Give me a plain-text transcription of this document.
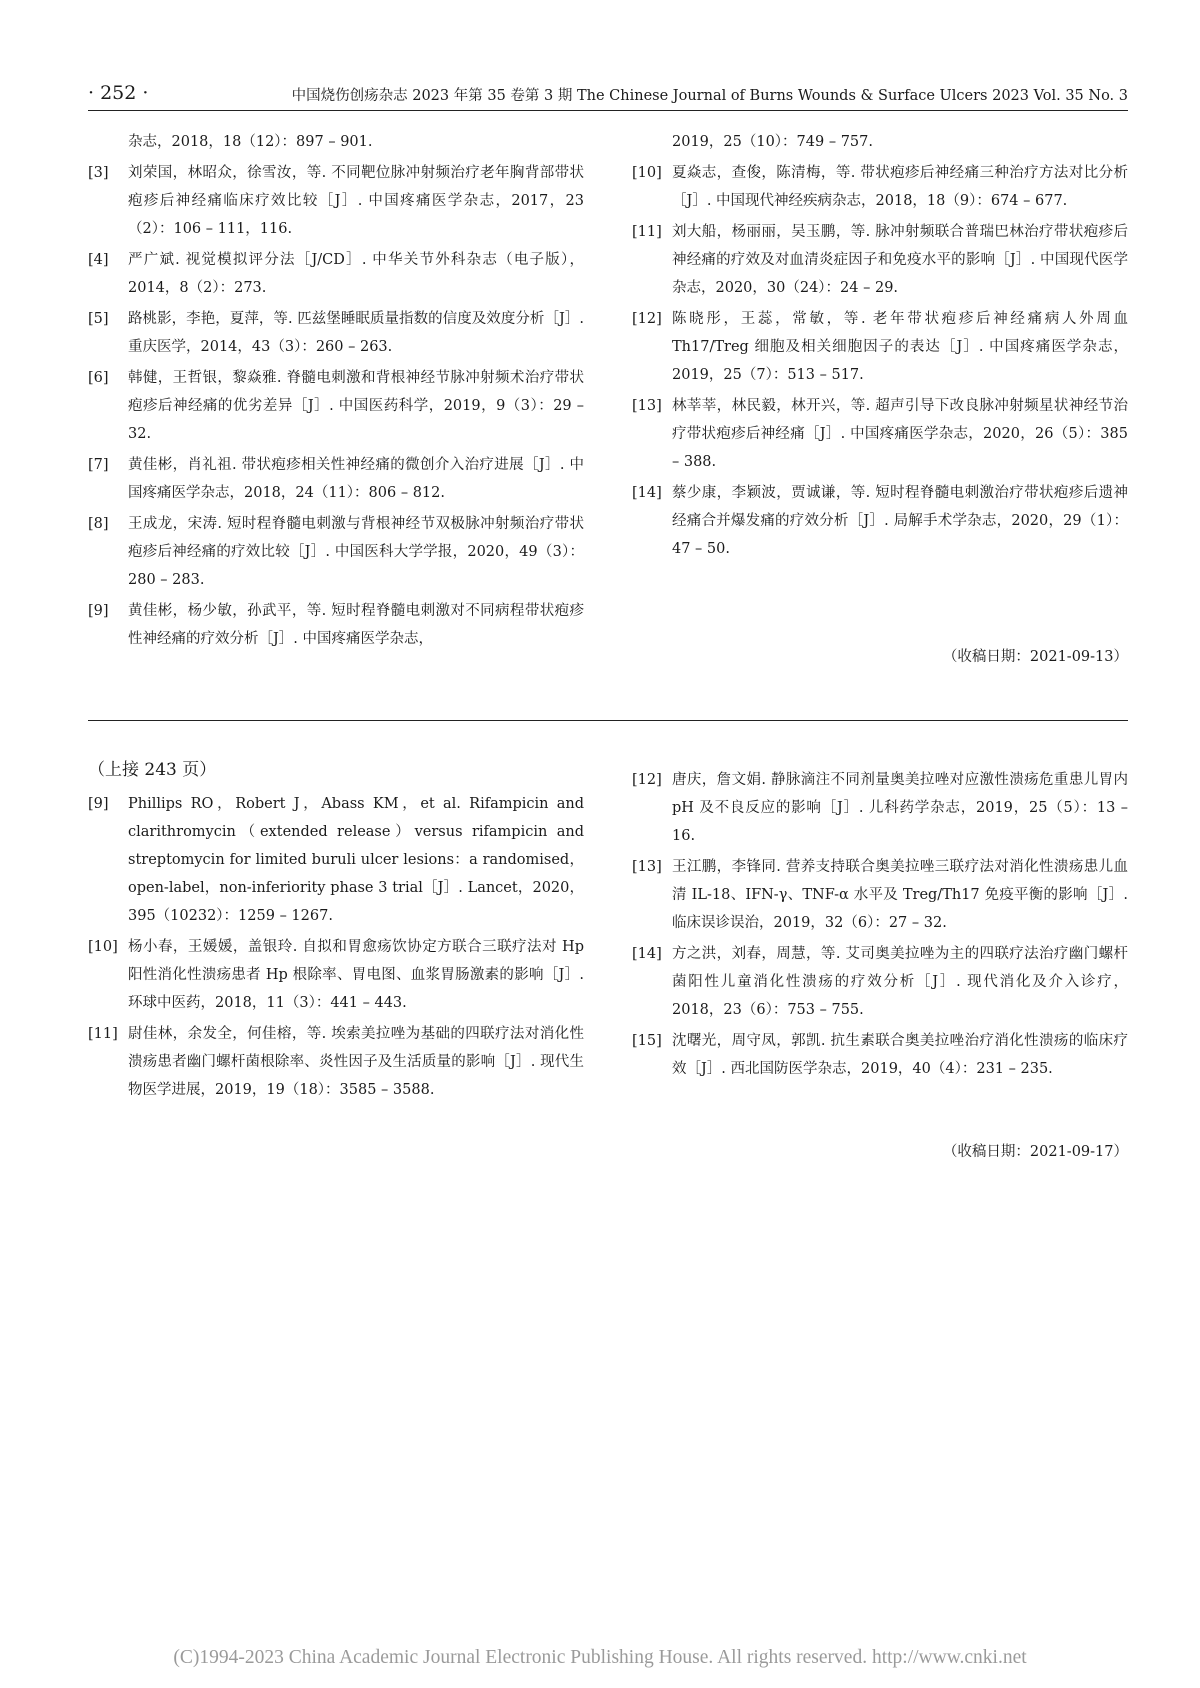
· 252 ·	中国烧伤创疡杂志 2023 年第 35 卷第 3 期 The Chinese Journal of Burns Wounds & Surface Ulcers 2023 Vol. 35 No. 3
杂志，2018，18（12）：897 – 901.
[3] 刘荣国，林昭众，徐雪汝，等. 不同靶位脉冲射频治疗老年胸背部带状疱疹后神经痛临床疗效比较［J］. 中国疼痛医学杂志，2017，23（2）：106 – 111，116.
[4] 严广斌. 视觉模拟评分法［J/CD］. 中华关节外科杂志（电子版），2014，8（2）：273.
[5] 路桃影，李艳，夏萍，等. 匹兹堡睡眠质量指数的信度及效度分析［J］. 重庆医学，2014，43（3）：260 – 263.
[6] 韩健，王哲银，黎焱雅. 脊髓电刺激和背根神经节脉冲射频术治疗带状疱疹后神经痛的优劣差异［J］. 中国医药科学，2019，9（3）：29 – 32.
[7] 黄佳彬，肖礼祖. 带状疱疹相关性神经痛的微创介入治疗进展［J］. 中国疼痛医学杂志，2018，24（11）：806 – 812.
[8] 王成龙，宋涛. 短时程脊髓电刺激与背根神经节双极脉冲射频治疗带状疱疹后神经痛的疗效比较［J］. 中国医科大学学报，2020，49（3）：280 – 283.
[9] 黄佳彬，杨少敏，孙武平，等. 短时程脊髓电刺激对不同病程带状疱疹性神经痛的疗效分析［J］. 中国疼痛医学杂志，
2019，25（10）：749 – 757.
[10] 夏焱志，查俊，陈清梅，等. 带状疱疹后神经痛三种治疗方法对比分析［J］. 中国现代神经疾病杂志，2018，18（9）：674 – 677.
[11] 刘大船，杨丽丽，吴玉鹏，等. 脉冲射频联合普瑞巴林治疗带状疱疹后神经痛的疗效及对血清炎症因子和免疫水平的影响［J］. 中国现代医学杂志，2020，30（24）：24 – 29.
[12] 陈晓彤，王蕊，常敏，等. 老年带状疱疹后神经痛病人外周血 Th17/Treg 细胞及相关细胞因子的表达［J］. 中国疼痛医学杂志，2019，25（7）：513 – 517.
[13] 林莘莘，林民毅，林开兴，等. 超声引导下改良脉冲射频星状神经节治疗带状疱疹后神经痛［J］. 中国疼痛医学杂志，2020，26（5）：385 – 388.
[14] 蔡少康，李颖波，贾诚谦，等. 短时程脊髓电刺激治疗带状疱疹后遗神经痛合并爆发痛的疗效分析［J］. 局解手术学杂志，2020，29（1）：47 – 50.
（收稿日期：2021-09-13）
（上接 243 页）
[9] Phillips RO，Robert J，Abass KM，et al. Rifampicin and clarithromycin（extended release）versus rifampicin and streptomycin for limited buruli ulcer lesions：a randomised，open-label，non-inferiority phase 3 trial［J］. Lancet，2020，395（10232）：1259 – 1267.
[10] 杨小春，王媛媛，盖银玲. 自拟和胃愈疡饮协定方联合三联疗法对 Hp 阳性消化性溃疡患者 Hp 根除率、胃电图、血浆胃肠激素的影响［J］. 环球中医药，2018，11（3）：441 – 443.
[11] 尉佳林，余发全，何佳榕，等. 埃索美拉唑为基础的四联疗法对消化性溃疡患者幽门螺杆菌根除率、炎性因子及生活质量的影响［J］. 现代生物医学进展，2019，19（18）：3585 – 3588.
[12] 唐庆，詹文娟. 静脉滴注不同剂量奥美拉唑对应激性溃疡危重患儿胃内 pH 及不良反应的影响［J］. 儿科药学杂志，2019，25（5）：13 – 16.
[13] 王江鹏，李锋同. 营养支持联合奥美拉唑三联疗法对消化性溃疡患儿血清 IL-18、IFN-γ、TNF-α 水平及 Treg/Th17 免疫平衡的影响［J］. 临床误诊误治，2019，32（6）：27 – 32.
[14] 方之洪，刘春，周慧，等. 艾司奥美拉唑为主的四联疗法治疗幽门螺杆菌阳性儿童消化性溃疡的疗效分析［J］. 现代消化及介入诊疗，2018，23（6）：753 – 755.
[15] 沈曙光，周守凤，郭凯. 抗生素联合奥美拉唑治疗消化性溃疡的临床疗效［J］. 西北国防医学杂志，2019，40（4）：231 – 235.
（收稿日期：2021-09-17）
(C)1994-2023 China Academic Journal Electronic Publishing House. All rights reserved. http://www.cnki.net
